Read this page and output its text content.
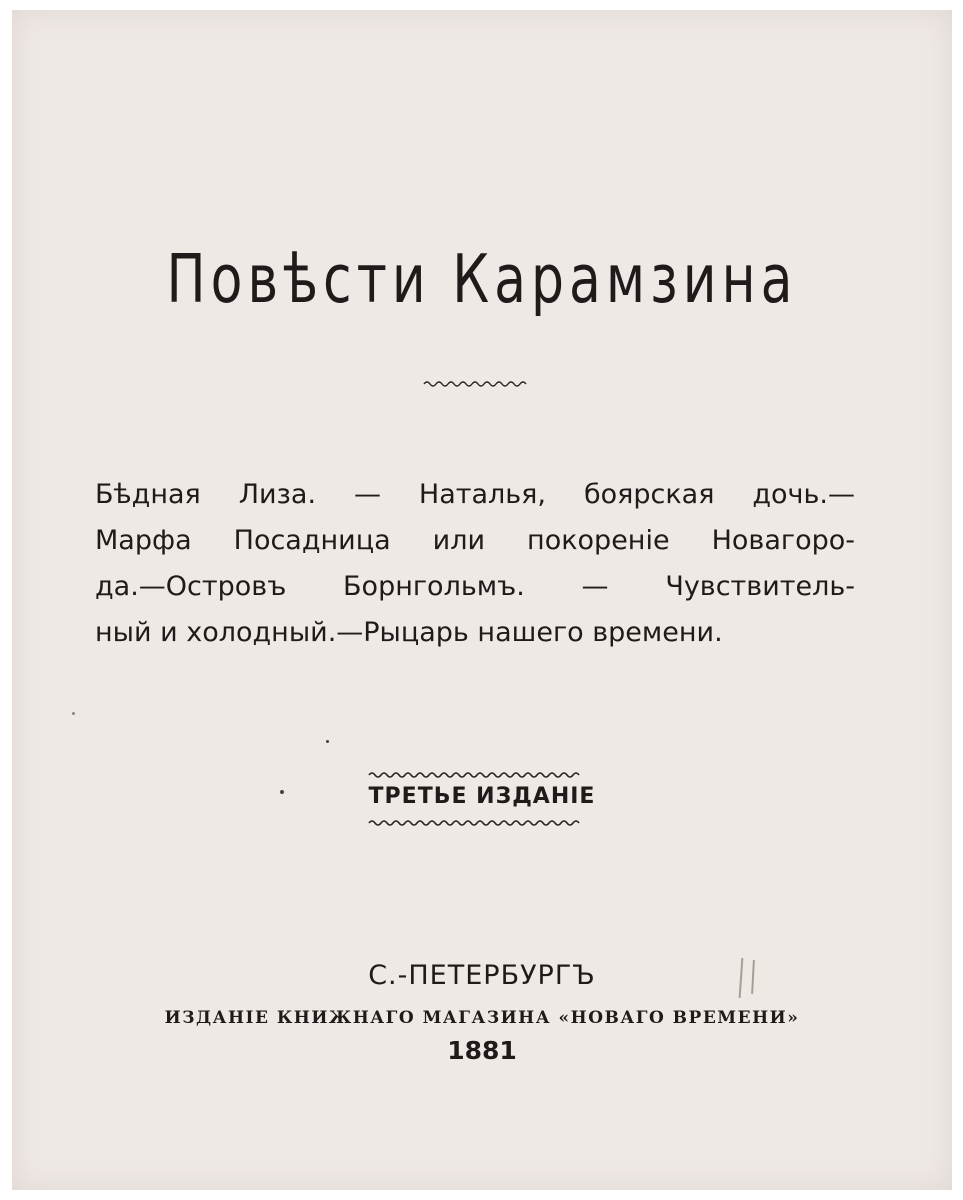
Повѣсти Карамзина
Бѣдная Лиза. — Наталья, боярская дочь.—
Марфа Посадница или покореніе Новагоро-
да.—Островъ Борнгольмъ. — Чувствитель-
ный и холодный.—Рыцарь нашего времени.
ТРЕТЬЕ ИЗДАНІЕ
С.-ПЕТЕРБУРГЪ
ИЗДАНІЕ КНИЖНАГО МАГАЗИНА «НОВАГО ВРЕМЕНИ»
1881
